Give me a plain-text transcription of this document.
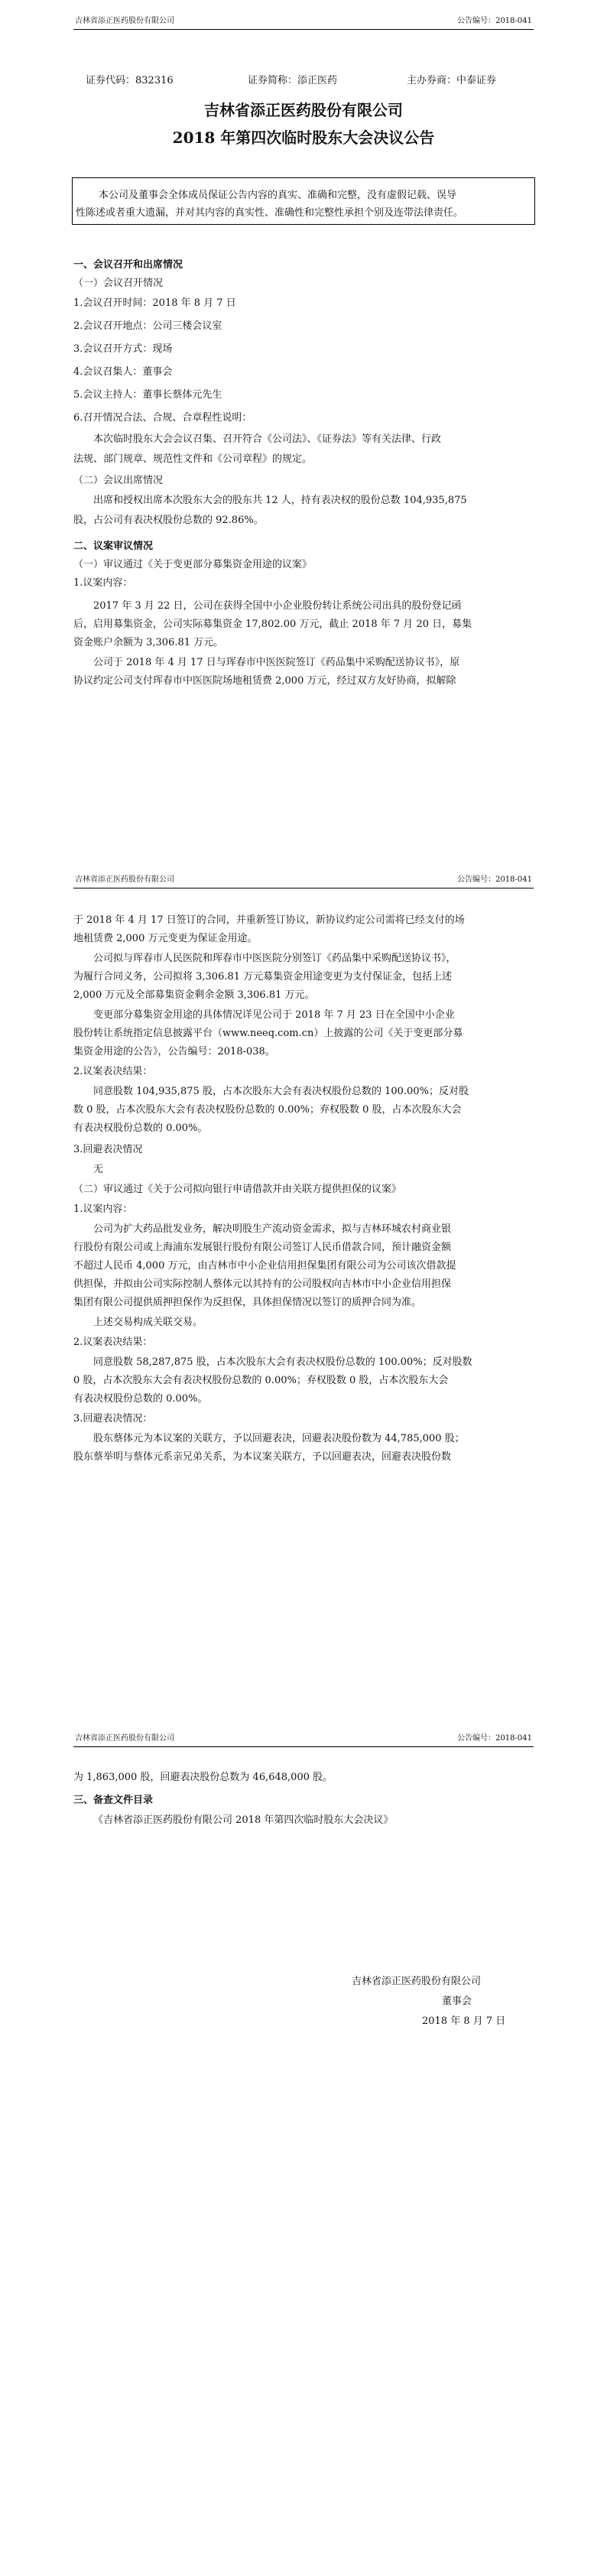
吉林省添正医药股份有限公司	公告编号：2018-041
证券代码：832316	证券简称：添正医药	主办券商：中泰证券
吉林省添正医药股份有限公司
2018 年第四次临时股东大会决议公告
本公司及董事会全体成员保证公告内容的真实、准确和完整，没有虚假记载、误导
性陈述或者重大遗漏，并对其内容的真实性、准确性和完整性承担个别及连带法律责任。
一、会议召开和出席情况
（一）会议召开情况
1.会议召开时间：2018 年 8 月 7 日
2.会议召开地点：公司三楼会议室
3.会议召开方式：现场
4.会议召集人：董事会
5.会议主持人：董事长蔡体元先生
6.召开情况合法、合规、合章程性说明：
本次临时股东大会会议召集、召开符合《公司法》、《证券法》等有关法律、行政
法规、部门规章、规范性文件和《公司章程》的规定。
（二）会议出席情况
出席和授权出席本次股东大会的股东共 12 人，持有表决权的股份总数 104,935,875
股，占公司有表决权股份总数的 92.86%。
二、议案审议情况
（一）审议通过《关于变更部分募集资金用途的议案》
1.议案内容：
2017 年 3 月 22 日，公司在获得全国中小企业股份转让系统公司出具的股份登记函
后，启用募集资金，公司实际募集资金 17,802.00 万元，截止 2018 年 7 月 20 日，募集
资金账户余额为 3,306.81 万元。
公司于 2018 年 4 月 17 日与珲春市中医医院签订《药品集中采购配送协议书》，原
协议约定公司支付珲春市中医医院场地租赁费 2,000 万元，经过双方友好协商，拟解除
吉林省添正医药股份有限公司	公告编号：2018-041
于 2018 年 4 月 17 日签订的合同，并重新签订协议，新协议约定公司需将已经支付的场
地租赁费 2,000 万元变更为保证金用途。
公司拟与珲春市人民医院和珲春市中医医院分别签订《药品集中采购配送协议书》，
为履行合同义务，公司拟将 3,306.81 万元募集资金用途变更为支付保证金，包括上述
2,000 万元及全部募集资金剩余金额 3,306.81 万元。
变更部分募集资金用途的具体情况详见公司于 2018 年 7 月 23 日在全国中小企业
股份转让系统指定信息披露平台（www.neeq.com.cn）上披露的公司《关于变更部分募
集资金用途的公告》，公告编号：2018-038。
2.议案表决结果：
同意股数 104,935,875 股，占本次股东大会有表决权股份总数的 100.00%；反对股
数 0 股，占本次股东大会有表决权股份总数的 0.00%；弃权股数 0 股，占本次股东大会
有表决权股份总数的 0.00%。
3.回避表决情况
无
（二）审议通过《关于公司拟向银行申请借款并由关联方提供担保的议案》
1.议案内容：
公司为扩大药品批发业务，解决明股生产流动资金需求，拟与吉林环城农村商业银
行股份有限公司或上海浦东发展银行股份有限公司签订人民币借款合同，预计融资金额
不超过人民币 4,000 万元，由吉林市中小企业信用担保集团有限公司为公司该次借款提
供担保，并拟由公司实际控制人蔡体元以其持有的公司股权向吉林市中小企业信用担保
集团有限公司提供质押担保作为反担保，具体担保情况以签订的质押合同为准。
上述交易构成关联交易。
2.议案表决结果：
同意股数 58,287,875 股，占本次股东大会有表决权股份总数的 100.00%；反对股数
0 股，占本次股东大会有表决权股份总数的 0.00%；弃权股数 0 股，占本次股东大会
有表决权股份总数的 0.00%。
3.回避表决情况：
股东蔡体元为本议案的关联方，予以回避表决，回避表决股份数为 44,785,000 股；
股东蔡举明与蔡体元系亲兄弟关系，为本议案关联方，予以回避表决，回避表决股份数
吉林省添正医药股份有限公司	公告编号：2018-041
为 1,863,000 股，回避表决股份总数为 46,648,000 股。
三、备查文件目录
《吉林省添正医药股份有限公司 2018 年第四次临时股东大会决议》
吉林省添正医药股份有限公司
董事会
2018 年 8 月 7 日
